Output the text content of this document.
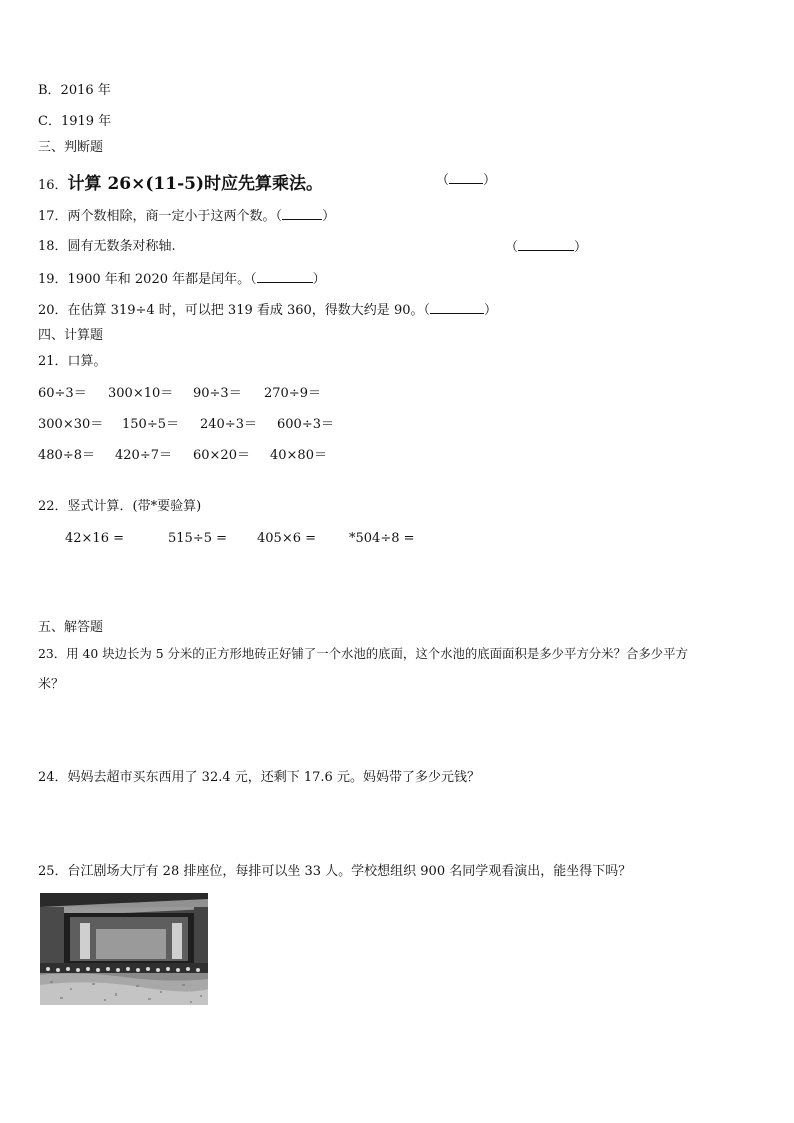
B．2016 年
C．1919 年
三、判断题
16．计算 26×(11-5)时应先算乘法。	（	）
17．两个数相除，商一定小于这两个数。（	）
18．圆有无数条对称轴.	（	）
19．1900 年和 2020 年都是闰年。（	）
20．在估算 319÷4 时，可以把 319 看成 360，得数大约是 90。（	）
四、计算题
21．口算。
60÷3＝ 300×10＝ 90÷3＝ 270÷9＝
300×30＝ 150÷5＝ 240÷3＝ 600÷3＝
480÷8＝ 420÷7＝ 60×20＝ 40×80＝
22．竖式计算．(带*要验算)
42×16 =	515÷5 = 405×6 =	*504÷8 =
五、解答题
23．用 40 块边长为 5 分米的正方形地砖正好铺了一个水池的底面，这个水池的底面面积是多少平方分米？合多少平方
米？
24．妈妈去超市买东西用了 32.4 元，还剩下 17.6 元。妈妈带了多少元钱？
25．台江剧场大厅有 28 排座位，每排可以坐 33 人。学校想组织 900 名同学观看演出，能坐得下吗？
